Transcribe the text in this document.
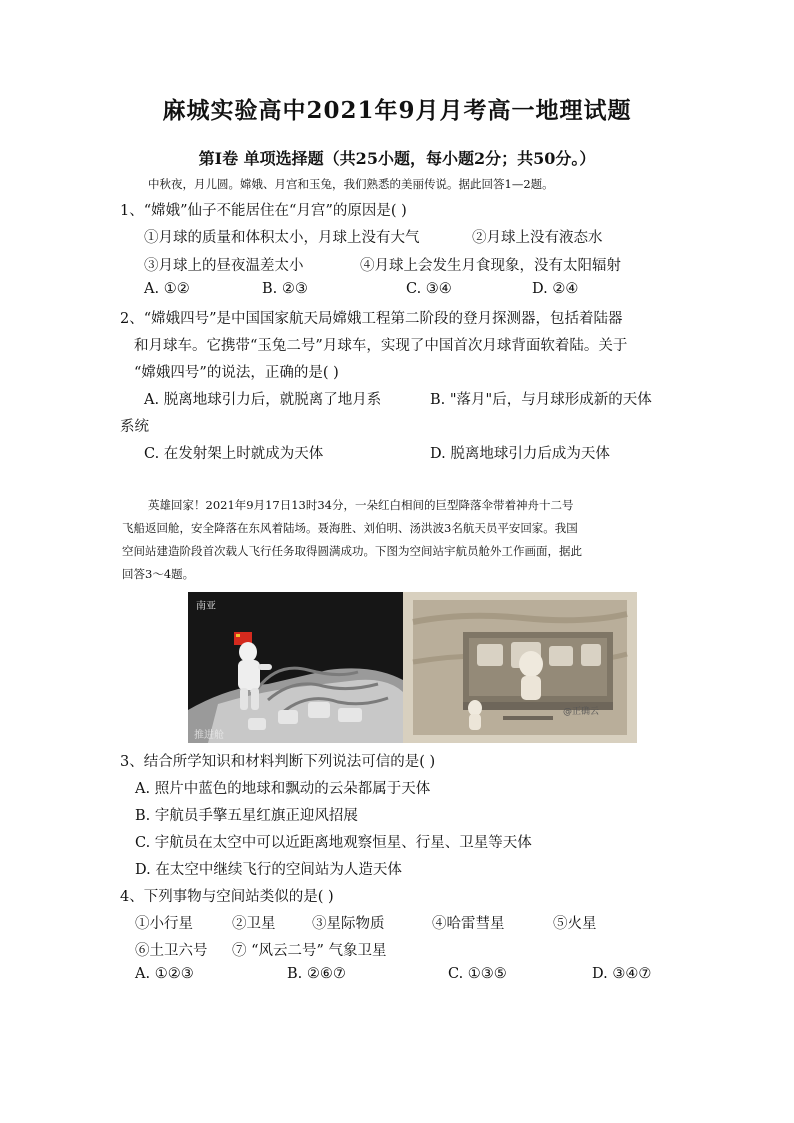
麻城实验高中2021年9月月考高一地理试题
第Ⅰ卷 单项选择题（共25小题，每小题2分；共50分。）
中秋夜，月儿圆。嫦娥、月宫和玉兔，我们熟悉的美丽传说。据此回答1—2题。
1、“嫦娥”仙子不能居住在“月宫”的原因是( )
①月球的质量和体积太小，月球上没有大气	②月球上没有液态水
③月球上的昼夜温差太小	④月球上会发生月食现象，没有太阳辐射
A. ①②	B. ②③	C. ③④	D. ②④
2、“嫦娥四号”是中国国家航天局嫦娥工程第二阶段的登月探测器，包括着陆器
和月球车。它携带“玉兔二号”月球车，实现了中国首次月球背面软着陆。关于
“嫦娥四号”的说法，正确的是( )
A. 脱离地球引力后，就脱离了地月系	B. "落月"后，与月球形成新的天体
系统
C. 在发射架上时就成为天体	D. 脱离地球引力后成为天体
英雄回家！2021年9月17日13时34分，一朵红白相间的巨型降落伞带着神舟十二号
飞船返回舱，安全降落在东风着陆场。聂海胜、刘伯明、汤洪波3名航天员平安回家。我国
空间站建造阶段首次载人飞行任务取得圆满成功。下图为空间站宇航员舱外工作画面，据此
回答3～4题。
南亚
推进舱
@正确云
3、结合所学知识和材料判断下列说法可信的是( )
A. 照片中蓝色的地球和飘动的云朵都属于天体
B. 宇航员手擎五星红旗正迎风招展
C. 宇航员在太空中可以近距离地观察恒星、行星、卫星等天体
D. 在太空中继续飞行的空间站为人造天体
4、下列事物与空间站类似的是( )
①小行星	②卫星	③星际物质	④哈雷彗星	⑤火星
⑥土卫六号 ⑦ “风云二号” 气象卫星
A. ①②③	B. ②⑥⑦	C. ①③⑤	D. ③④⑦
